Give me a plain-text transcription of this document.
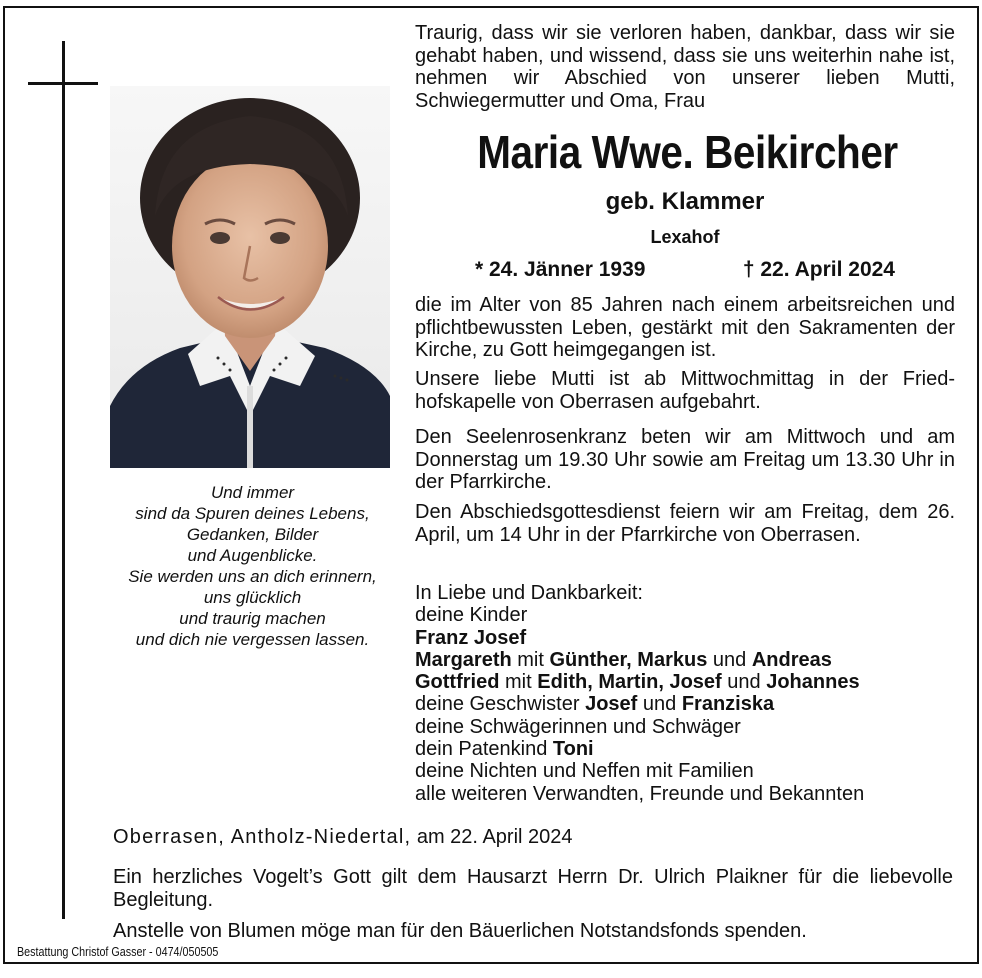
Und immer
sind da Spuren deines Lebens,
Gedanken, Bilder
und Augenblicke.
Sie werden uns an dich erinnern,
uns glücklich
und traurig machen
und dich nie vergessen lassen.
Traurig, dass wir sie verloren haben, dankbar, dass wir sie gehabt haben, und wissend, dass sie uns weiterhin nahe ist, nehmen wir Abschied von unserer lieben Mutti, Schwiegermutter und Oma, Frau
Maria Wwe. Beikircher
geb. Klammer
Lexahof
* 24. Jänner 1939	† 22. April 2024
die im Alter von 85 Jahren nach einem arbeitsreichen und pflichtbewussten Leben, gestärkt mit den Sakramenten der Kirche, zu Gott heimgegangen ist.
Unsere liebe Mutti ist ab Mittwochmittag in der Friedhofskapelle von Oberrasen aufgebahrt.
Den Seelenrosenkranz beten wir am Mittwoch und am Donnerstag um 19.30 Uhr sowie am Freitag um 13.30 Uhr in der Pfarrkirche.
Den Abschiedsgottesdienst feiern wir am Freitag, dem 26. April, um 14 Uhr in der Pfarrkirche von Oberrasen.
In Liebe und Dankbarkeit:
deine Kinder
Franz Josef
Margareth mit Günther, Markus und Andreas
Gottfried mit Edith, Martin, Josef und Johannes
deine Geschwister Josef und Franziska
deine Schwägerinnen und Schwäger
dein Patenkind Toni
deine Nichten und Neffen mit Familien
alle weiteren Verwandten, Freunde und Bekannten
Oberrasen, Antholz-Niedertal, am 22. April 2024
Ein herzliches Vogelt’s Gott gilt dem Hausarzt Herrn Dr. Ulrich Plaikner für die liebevolle Begleitung.
Anstelle von Blumen möge man für den Bäuerlichen Notstandsfonds spenden.
Bestattung Christof Gasser - 0474/050505
